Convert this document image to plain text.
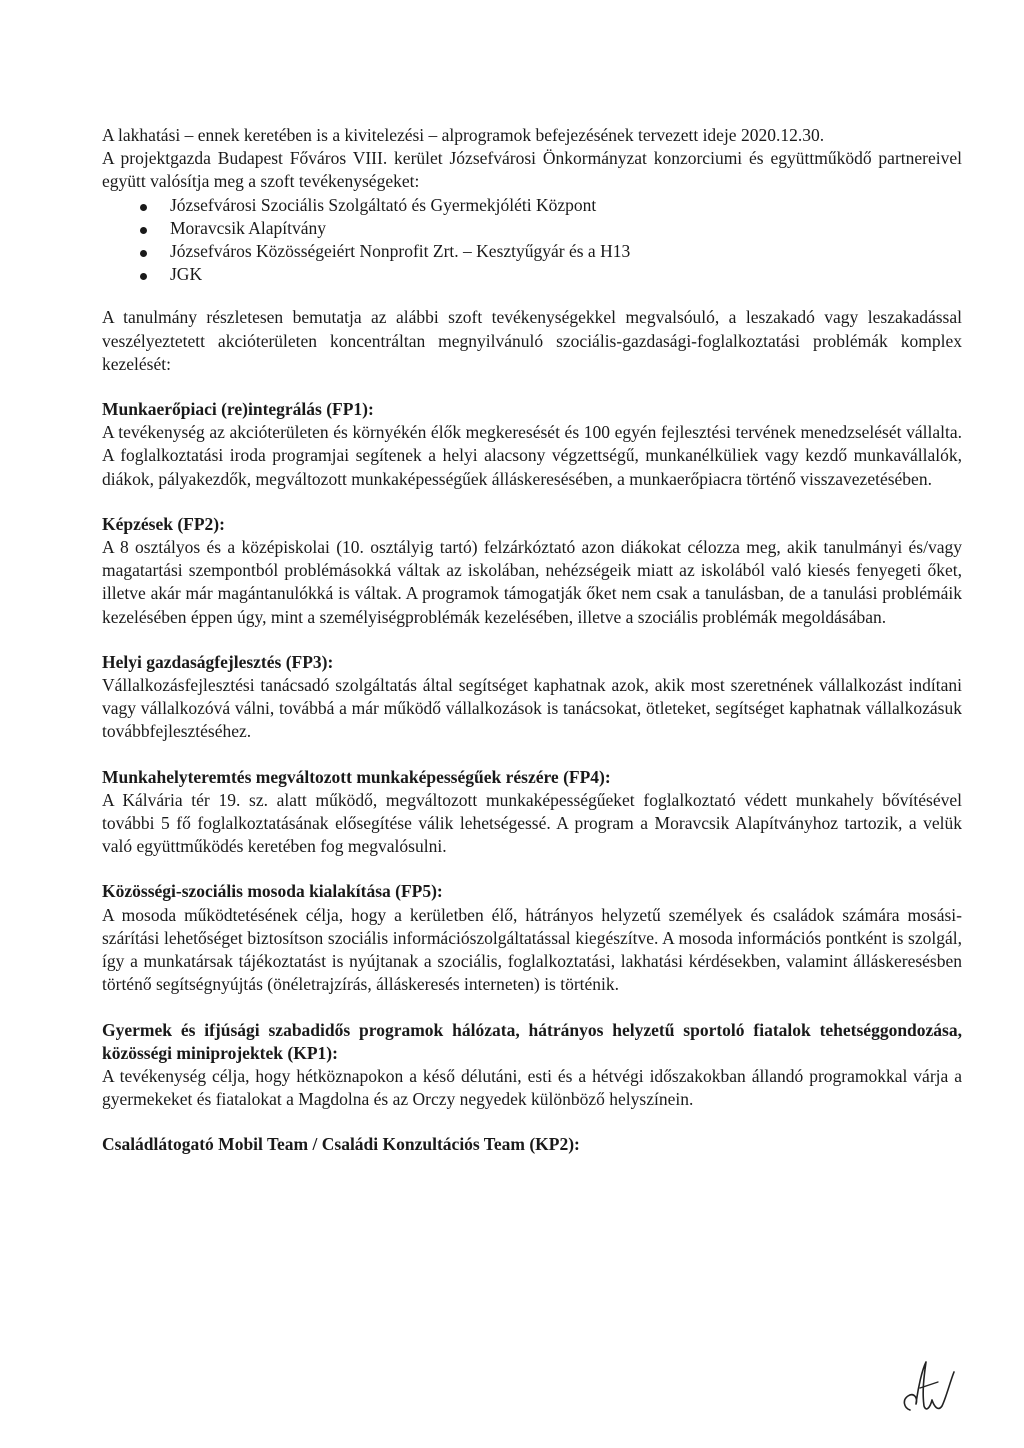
A lakhatási – ennek keretében is a kivitelezési – alprogramok befejezésének tervezett ideje 2020.12.30.

A projektgazda Budapest Főváros VIII. kerület Józsefvárosi Önkormányzat konzorciumi és együttműködő partnereivel együtt valósítja meg a szoft tevékenységeket:

Józsefvárosi Szociális Szolgáltató és Gyermekjóléti Központ
Moravcsik Alapítvány
Józsefváros Közösségeiért Nonprofit Zrt. – Kesztyűgyár és a H13
JGK

A tanulmány részletesen bemutatja az alábbi szoft tevékenységekkel megvalsóuló, a leszakadó vagy leszakadással veszélyeztetett akcióterületen koncentráltan megnyilvánuló szociális-gazdasági-foglalkoztatási problémák komplex kezelését:

Munkaerőpiaci (re)integrálás (FP1):

A tevékenység az akcióterületen és környékén élők megkeresését és 100 egyén fejlesztési tervének menedzselését vállalta. A foglalkoztatási iroda programjai segítenek a helyi alacsony végzettségű, munkanélküliek vagy kezdő munkavállalók, diákok, pályakezdők, megváltozott munkaképességűek álláskeresésében, a munkaerőpiacra történő visszavezetésében.

Képzések (FP2):

A 8 osztályos és a középiskolai (10. osztályig tartó) felzárkóztató azon diákokat célozza meg, akik tanulmányi és/vagy magatartási szempontból problémásokká váltak az iskolában, nehézségeik miatt az iskolából való kiesés fenyegeti őket, illetve akár már magántanulókká is váltak. A programok támogatják őket nem csak a tanulásban, de a tanulási problémáik kezelésében éppen úgy, mint a személyiségproblémák kezelésében, illetve a szociális problémák megoldásában.

Helyi gazdaságfejlesztés (FP3):

Vállalkozásfejlesztési tanácsadó szolgáltatás által segítséget kaphatnak azok, akik most szeretnének vállalkozást indítani vagy vállalkozóvá válni, továbbá a már működő vállalkozások is tanácsokat, ötleteket, segítséget kaphatnak vállalkozásuk továbbfejlesztéséhez.

Munkahelyteremtés megváltozott munkaképességűek részére (FP4):

A Kálvária tér 19. sz. alatt működő, megváltozott munkaképességűeket foglalkoztató védett munkahely bővítésével további 5 fő foglalkoztatásának elősegítése válik lehetségessé. A program a Moravcsik Alapítványhoz tartozik, a velük való együttműködés keretében fog megvalósulni.

Közösségi-szociális mosoda kialakítása (FP5):

A mosoda működtetésének célja, hogy a kerületben élő, hátrányos helyzetű személyek és családok számára mosási-szárítási lehetőséget biztosítson szociális információszolgáltatással kiegészítve. A mosoda információs pontként is szolgál, így a munkatársak tájékoztatást is nyújtanak a szociális, foglalkoztatási, lakhatási kérdésekben, valamint álláskeresésben történő segítségnyújtás (önéletrajzírás, álláskeresés interneten) is történik.

Gyermek és ifjúsági szabadidős programok hálózata, hátrányos helyzetű sportoló fiatalok tehetséggondozása, közösségi miniprojektek (KP1):

A tevékenység célja, hogy hétköznapokon a késő délutáni, esti és a hétvégi időszakokban állandó programokkal várja a gyermekeket és fiatalokat a Magdolna és az Orczy negyedek különböző helyszínein.

Családlátogató Mobil Team / Családi Konzultációs Team (KP2):
